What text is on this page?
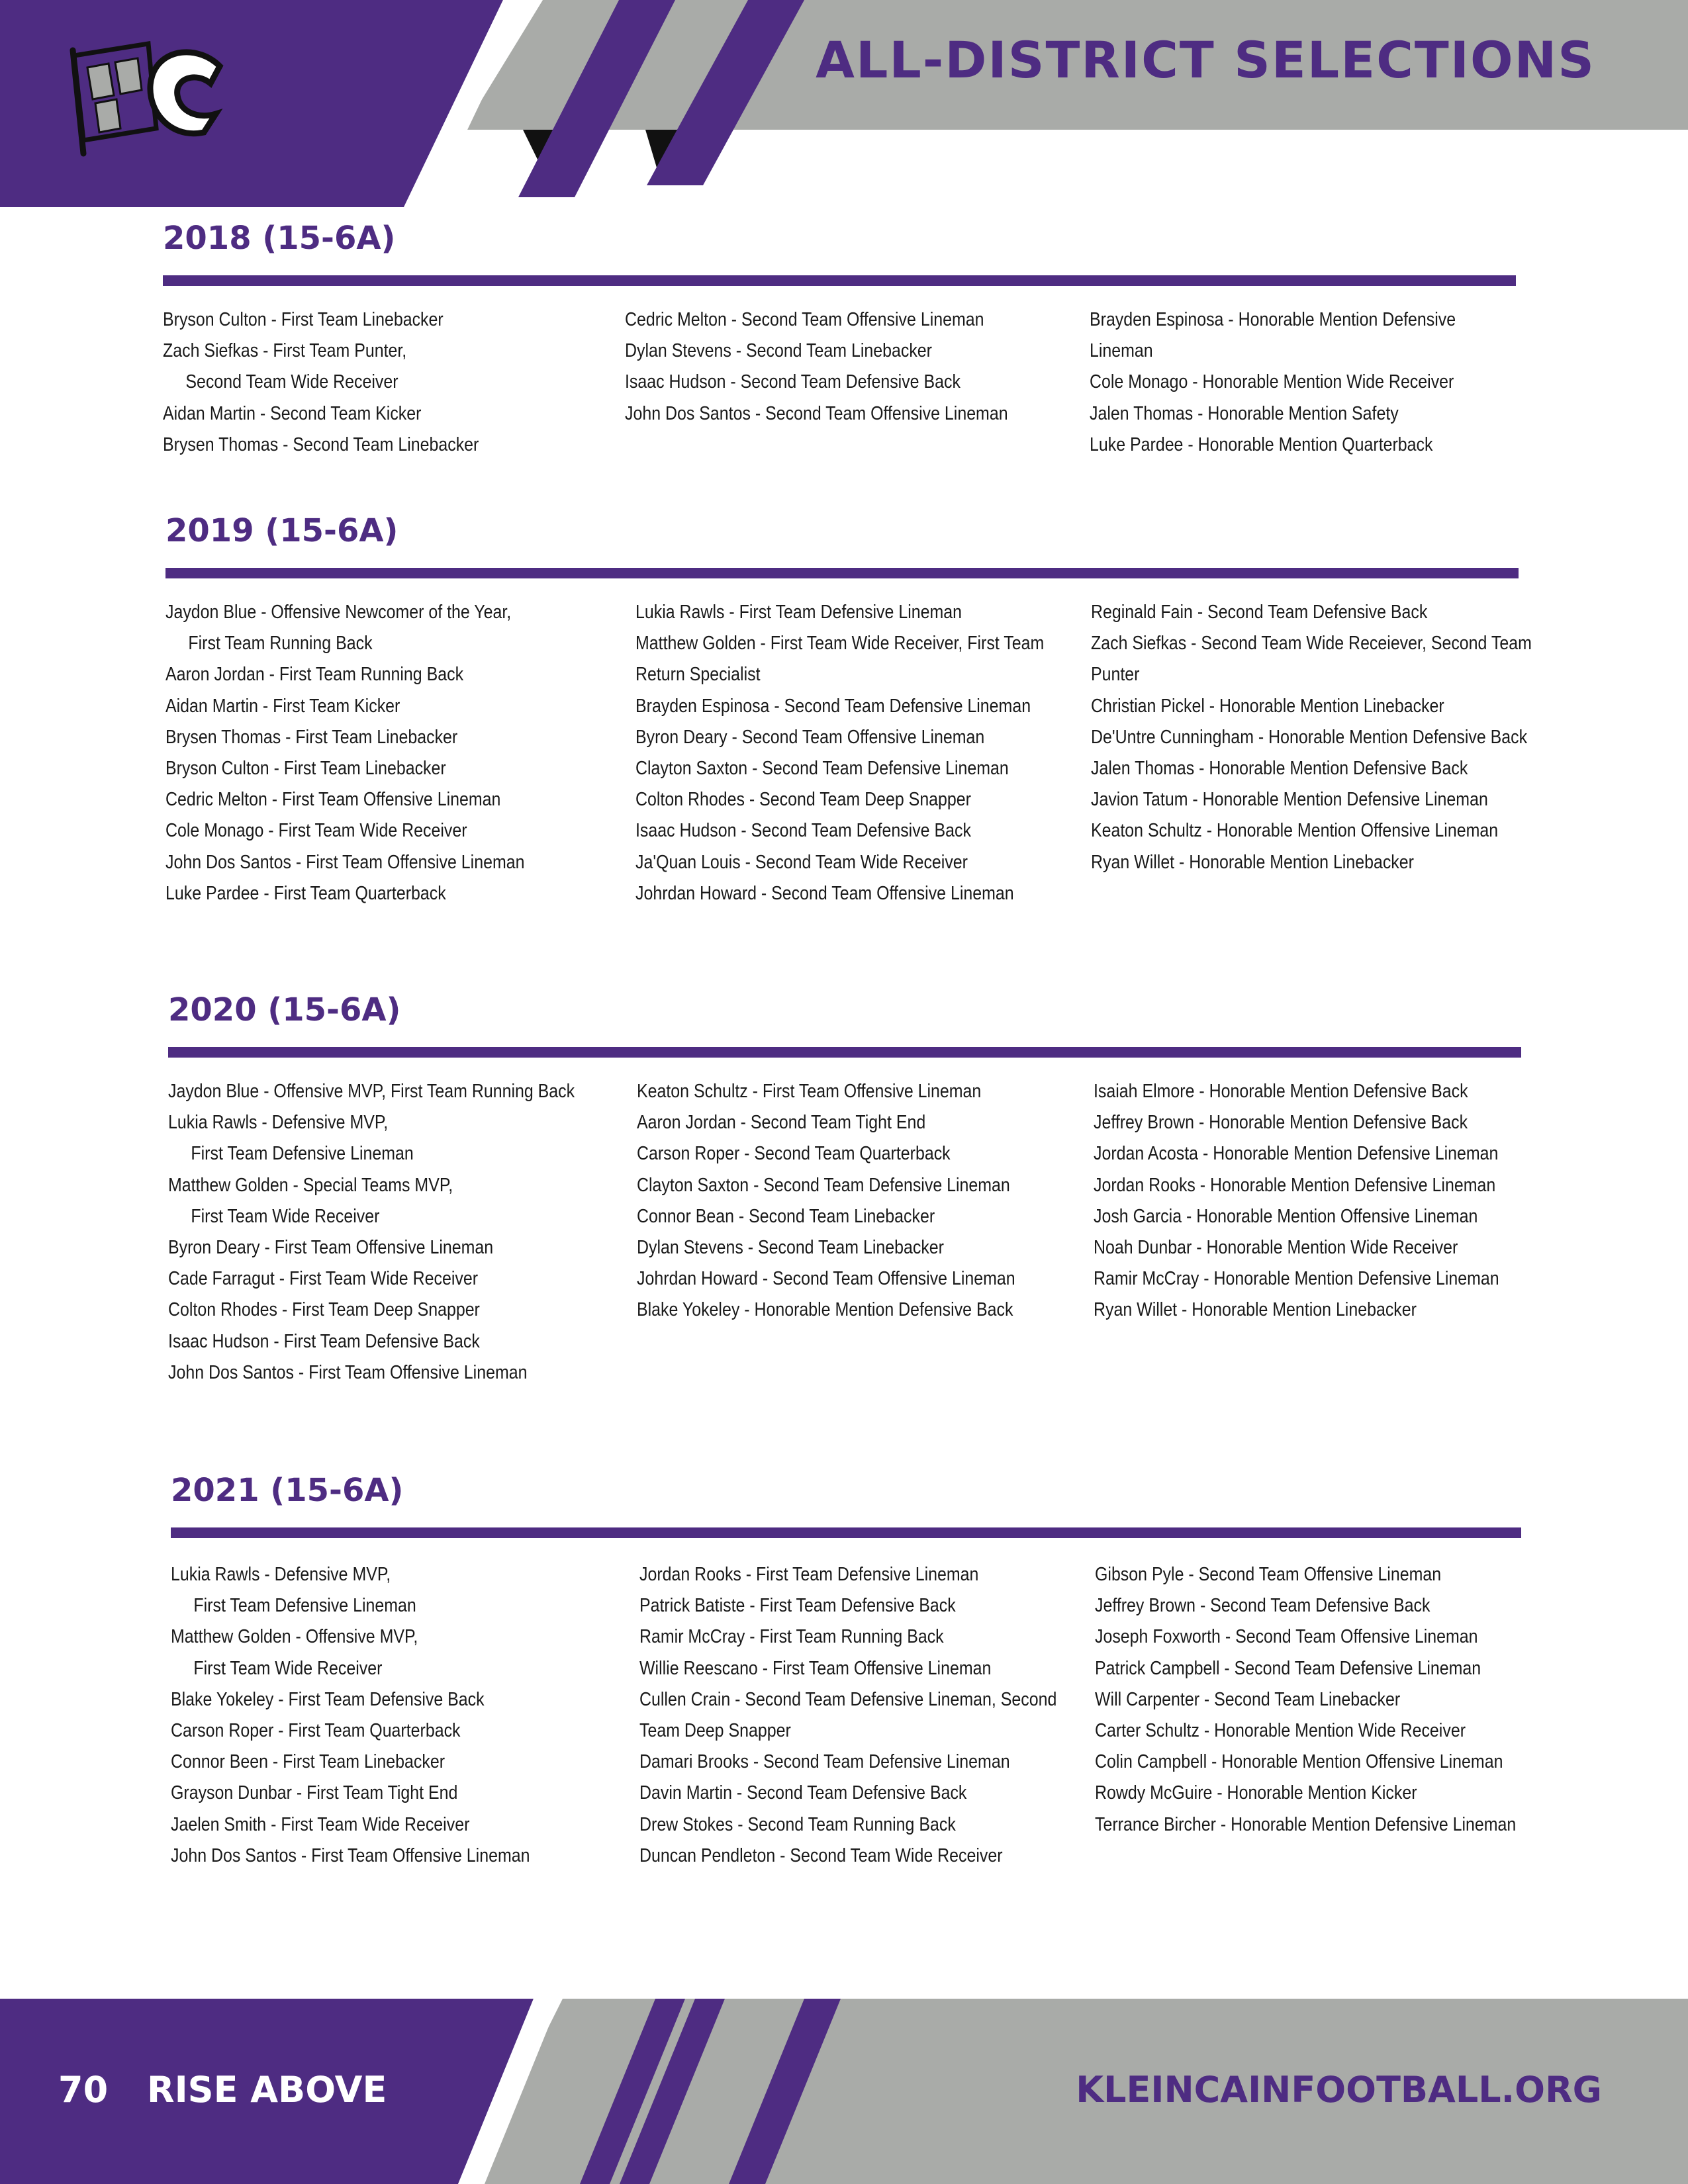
ALL-DISTRICT SELECTIONS
2018 (15-6A)
Bryson Culton - First Team Linebacker
Zach Siefkas - First Team Punter,
Second Team Wide Receiver
Aidan Martin - Second Team Kicker
Brysen Thomas - Second Team Linebacker
Cedric Melton - Second Team Offensive Lineman
Dylan Stevens - Second Team Linebacker
Isaac Hudson - Second Team Defensive Back
John Dos Santos - Second Team Offensive Lineman
Brayden Espinosa - Honorable Mention Defensive
Lineman
Cole Monago - Honorable Mention Wide Receiver
Jalen Thomas - Honorable Mention Safety
Luke Pardee - Honorable Mention Quarterback
2019 (15-6A)
Jaydon Blue - Offensive Newcomer of the Year,
First Team Running Back
Aaron Jordan - First Team Running Back
Aidan Martin - First Team Kicker
Brysen Thomas - First Team Linebacker
Bryson Culton - First Team Linebacker
Cedric Melton - First Team Offensive Lineman
Cole Monago - First Team Wide Receiver
John Dos Santos - First Team Offensive Lineman
Luke Pardee - First Team Quarterback
Lukia Rawls - First Team Defensive Lineman
Matthew Golden - First Team Wide Receiver, First Team
Return Specialist
Brayden Espinosa - Second Team Defensive Lineman
Byron Deary - Second Team Offensive Lineman
Clayton Saxton - Second Team Defensive Lineman
Colton Rhodes - Second Team Deep Snapper
Isaac Hudson - Second Team Defensive Back
Ja'Quan Louis - Second Team Wide Receiver
Johrdan Howard - Second Team Offensive Lineman
Reginald Fain - Second Team Defensive Back
Zach Siefkas - Second Team Wide Receiever, Second Team
Punter
Christian Pickel - Honorable Mention Linebacker
De'Untre Cunningham - Honorable Mention Defensive Back
Jalen Thomas - Honorable Mention Defensive Back
Javion Tatum - Honorable Mention Defensive Lineman
Keaton Schultz - Honorable Mention Offensive Lineman
Ryan Willet - Honorable Mention Linebacker
2020 (15-6A)
Jaydon Blue - Offensive MVP, First Team Running Back
Lukia Rawls - Defensive MVP,
First Team Defensive Lineman
Matthew Golden - Special Teams MVP,
First Team Wide Receiver
Byron Deary - First Team Offensive Lineman
Cade Farragut - First Team Wide Receiver
Colton Rhodes - First Team Deep Snapper
Isaac Hudson - First Team Defensive Back
John Dos Santos - First Team Offensive Lineman
Keaton Schultz - First Team Offensive Lineman
Aaron Jordan - Second Team Tight End
Carson Roper - Second Team Quarterback
Clayton Saxton - Second Team Defensive Lineman
Connor Bean - Second Team Linebacker
Dylan Stevens - Second Team Linebacker
Johrdan Howard - Second Team Offensive Lineman
Blake Yokeley - Honorable Mention Defensive Back
Isaiah Elmore - Honorable Mention Defensive Back
Jeffrey Brown - Honorable Mention Defensive Back
Jordan Acosta - Honorable Mention Defensive Lineman
Jordan Rooks - Honorable Mention Defensive Lineman
Josh Garcia - Honorable Mention Offensive Lineman
Noah Dunbar - Honorable Mention Wide Receiver
Ramir McCray - Honorable Mention Defensive Lineman
Ryan Willet - Honorable Mention Linebacker
2021 (15-6A)
Lukia Rawls - Defensive MVP,
First Team Defensive Lineman
Matthew Golden - Offensive MVP,
First Team Wide Receiver
Blake Yokeley - First Team Defensive Back
Carson Roper - First Team Quarterback
Connor Been - First Team Linebacker
Grayson Dunbar - First Team Tight End
Jaelen Smith - First Team Wide Receiver
John Dos Santos - First Team Offensive Lineman
Jordan Rooks - First Team Defensive Lineman
Patrick Batiste - First Team Defensive Back
Ramir McCray - First Team Running Back
Willie Reescano - First Team Offensive Lineman
Cullen Crain - Second Team Defensive Lineman, Second
Team Deep Snapper
Damari Brooks - Second Team Defensive Lineman
Davin Martin - Second Team Defensive Back
Drew Stokes - Second Team Running Back
Duncan Pendleton - Second Team Wide Receiver
Gibson Pyle - Second Team Offensive Lineman
Jeffrey Brown - Second Team Defensive Back
Joseph Foxworth - Second Team Offensive Lineman
Patrick Campbell - Second Team Defensive Lineman
Will Carpenter - Second Team Linebacker
Carter Schultz - Honorable Mention Wide Receiver
Colin Campbell - Honorable Mention Offensive Lineman
Rowdy McGuire - Honorable Mention Kicker
Terrance Bircher - Honorable Mention Defensive Lineman
70 RISE ABOVE	KLEINCAINFOOTBALL.ORG
